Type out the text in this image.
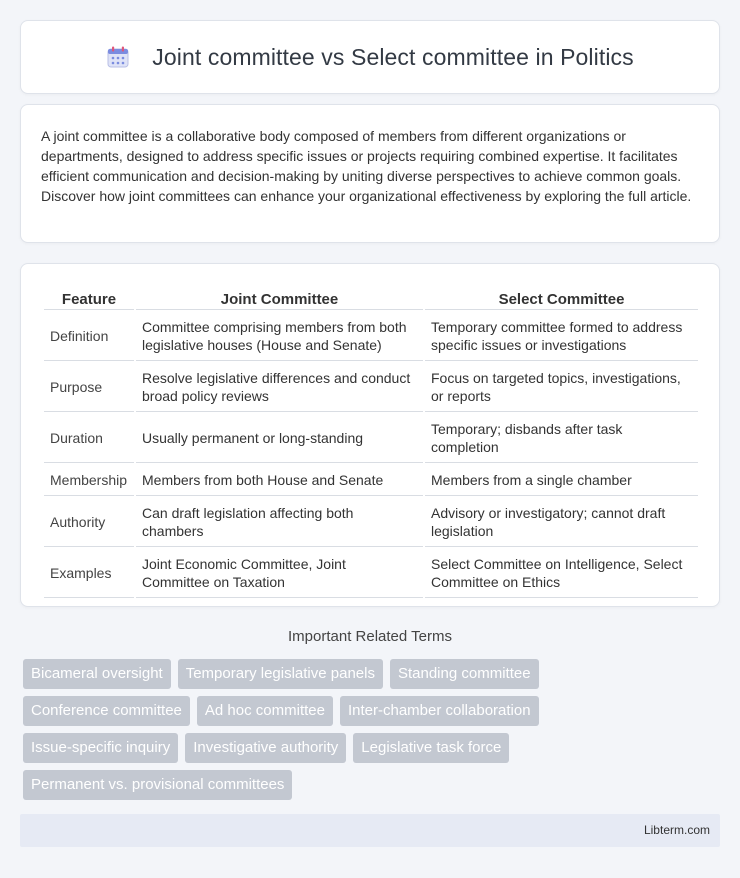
Joint committee vs Select committee in Politics

A joint committee is a collaborative body composed of members from different organizations or departments, designed to address specific issues or projects requiring combined expertise. It facilitates efficient communication and decision-making by uniting diverse perspectives to achieve common goals. Discover how joint committees can enhance your organizational effectiveness by exploring the full article.

Feature	Joint Committee	Select Committee
Definition	Committee comprising members from both legislative houses (House and Senate)	Temporary committee formed to address specific issues or investigations
Purpose	Resolve legislative differences and conduct broad policy reviews	Focus on targeted topics, investigations, or reports
Duration	Usually permanent or long-standing	Temporary; disbands after task completion
Membership	Members from both House and Senate	Members from a single chamber
Authority	Can draft legislation affecting both chambers	Advisory or investigatory; cannot draft legislation
Examples	Joint Economic Committee, Joint Committee on Taxation	Select Committee on Intelligence, Select Committee on Ethics
Important Related Terms
Bicameral oversight	Temporary legislative panels	Standing committee
Conference committee	Ad hoc committee	Inter-chamber collaboration
Issue-specific inquiry	Investigative authority	Legislative task force
Permanent vs. provisional committees
Libterm.com
